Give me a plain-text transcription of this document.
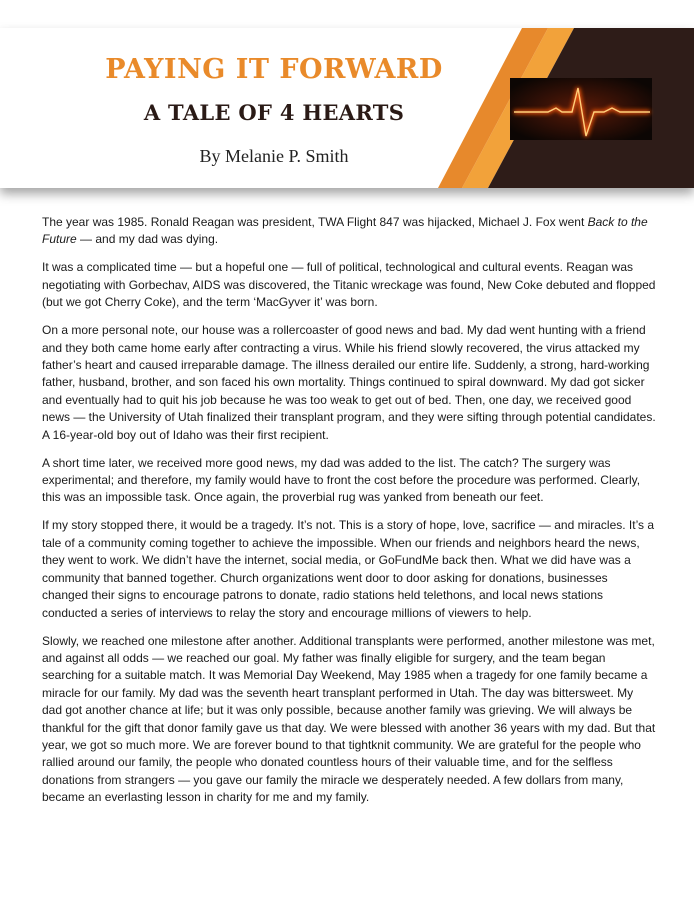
PAYING IT FORWARD
A TALE OF 4 HEARTS
By Melanie P. Smith

The year was 1985. Ronald Reagan was president, TWA Flight 847 was hijacked, Michael J. Fox went Back to the Future — and my dad was dying.

It was a complicated time — but a hopeful one — full of political, technological and cultural events. Reagan was negotiating with Gorbechav, AIDS was discovered, the Titanic wreckage was found, New Coke debuted and flopped (but we got Cherry Coke), and the term ‘MacGyver it’ was born.

On a more personal note, our house was a rollercoaster of good news and bad. My dad went hunting with a friend and they both came home early after contracting a virus. While his friend slowly recovered, the virus attacked my father’s heart and caused irreparable damage. The illness derailed our entire life. Suddenly, a strong, hard-working father, husband, brother, and son faced his own mortality. Things continued to spiral downward. My dad got sicker and eventually had to quit his job because he was too weak to get out of bed. Then, one day, we received good news — the University of Utah finalized their transplant program, and they were sifting through potential candidates. A 16-year-old boy out of Idaho was their first recipient.

A short time later, we received more good news, my dad was added to the list. The catch? The surgery was experimental; and therefore, my family would have to front the cost before the procedure was performed. Clearly, this was an impossible task. Once again, the proverbial rug was yanked from beneath our feet.

If my story stopped there, it would be a tragedy. It’s not. This is a story of hope, love, sacrifice — and miracles. It’s a tale of a community coming together to achieve the impossible. When our friends and neighbors heard the news, they went to work. We didn’t have the internet, social media, or GoFundMe back then. What we did have was a community that banned together. Church organizations went door to door asking for donations, businesses changed their signs to encourage patrons to donate, radio stations held telethons, and local news stations conducted a series of interviews to relay the story and encourage millions of viewers to help.

Slowly, we reached one milestone after another. Additional transplants were performed, another milestone was met, and against all odds — we reached our goal. My father was finally eligible for surgery, and the team began searching for a suitable match. It was Memorial Day Weekend, May 1985 when a tragedy for one family became a miracle for our family. My dad was the seventh heart transplant performed in Utah. The day was bittersweet. My dad got another chance at life; but it was only possible, because another family was grieving. We will always be thankful for the gift that donor family gave us that day. We were blessed with another 36 years with my dad. But that year, we got so much more. We are forever bound to that tightknit community. We are grateful for the people who rallied around our family, the people who donated countless hours of their valuable time, and for the selfless donations from strangers — you gave our family the miracle we desperately needed. A few dollars from many, became an everlasting lesson in charity for me and my family.
